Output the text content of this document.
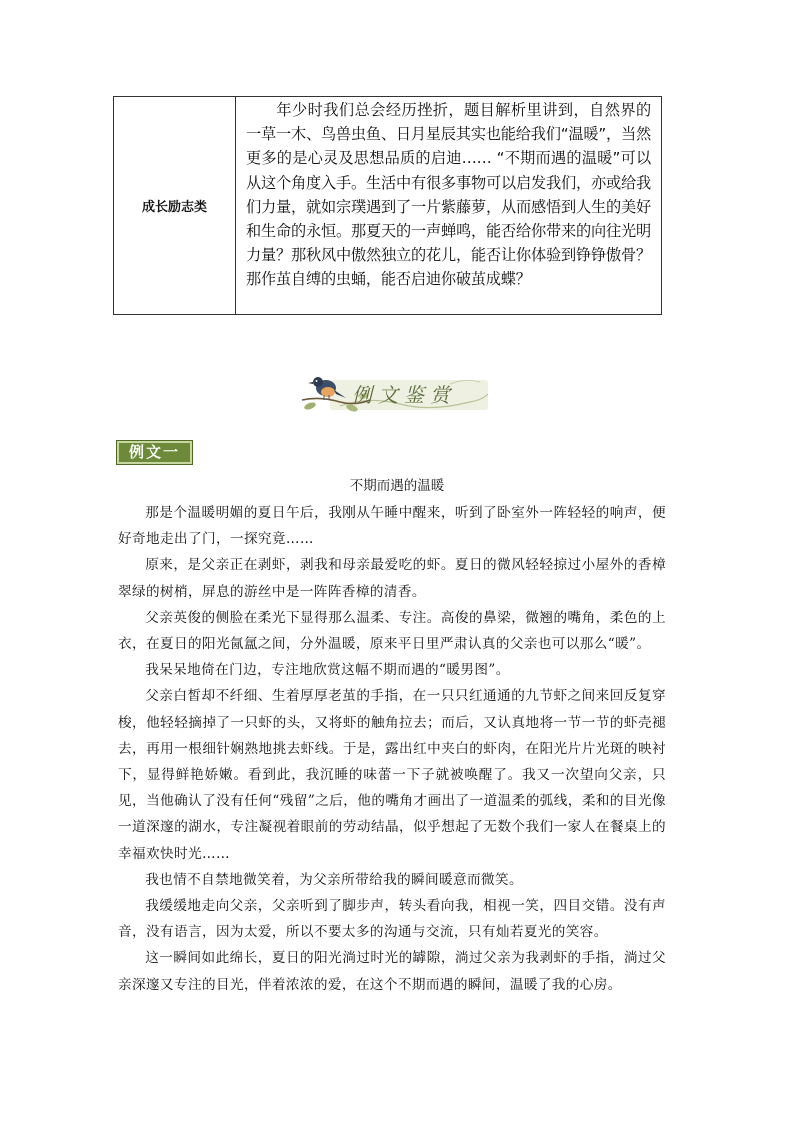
成长励志类
年少时我们总会经历挫折，题目解析里讲到，自然界的一草一木、鸟兽虫鱼、日月星辰其实也能给我们“温暖”，当然更多的是心灵及思想品质的启迪…… “不期而遇的温暖”可以从这个角度入手。生活中有很多事物可以启发我们，亦或给我们力量，就如宗璞遇到了一片紫藤萝，从而感悟到人生的美好和生命的永恒。那夏天的一声蝉鸣，能否给你带来的向往光明力量？那秋风中傲然独立的花儿，能否让你体验到铮铮傲骨？那作茧自缚的虫蛹，能否启迪你破茧成蝶？
例文鉴赏
例文一
不期而遇的温暖

那是个温暖明媚的夏日午后，我刚从午睡中醒来，听到了卧室外一阵轻轻的响声，便好奇地走出了门，一探究竟……

原来，是父亲正在剥虾，剥我和母亲最爱吃的虾。夏日的微风轻轻掠过小屋外的香樟翠绿的树梢，屏息的游丝中是一阵阵香樟的清香。

父亲英俊的侧脸在柔光下显得那么温柔、专注。高俊的鼻梁，微翘的嘴角，柔色的上衣，在夏日的阳光氤氲之间，分外温暖，原来平日里严肃认真的父亲也可以那么“暖”。

我呆呆地倚在门边，专注地欣赏这幅不期而遇的“暖男图”。

父亲白皙却不纤细、生着厚厚老茧的手指，在一只只红通通的九节虾之间来回反复穿梭，他轻轻摘掉了一只虾的头，又将虾的触角拉去；而后，又认真地将一节一节的虾壳褪去，再用一根细针娴熟地挑去虾线。于是，露出红中夹白的虾肉，在阳光片片光斑的映衬下，显得鲜艳娇嫩。看到此，我沉睡的味蕾一下子就被唤醒了。我又一次望向父亲，只见，当他确认了没有任何“残留”之后，他的嘴角才画出了一道温柔的弧线，柔和的目光像一道深邃的湖水，专注凝视着眼前的劳动结晶，似乎想起了无数个我们一家人在餐桌上的幸福欢快时光……

我也情不自禁地微笑着，为父亲所带给我的瞬间暖意而微笑。

我缓缓地走向父亲，父亲听到了脚步声，转头看向我，相视一笑，四目交错。没有声音，没有语言，因为太爱，所以不要太多的沟通与交流，只有灿若夏光的笑容。

这一瞬间如此绵长，夏日的阳光淌过时光的罅隙，淌过父亲为我剥虾的手指，淌过父亲深邃又专注的目光，伴着浓浓的爱，在这个不期而遇的瞬间，温暖了我的心房。
